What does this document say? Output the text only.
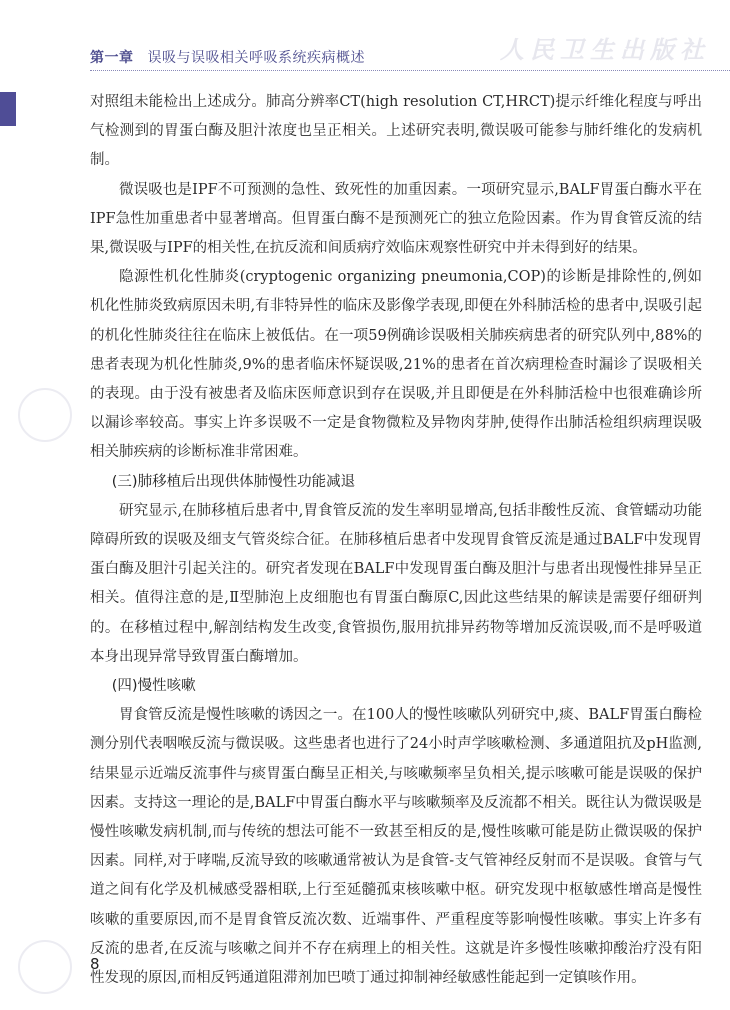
第一章 误吸与误吸相关呼吸系统疾病概述	人民卫生出版社

对照组未能检出上述成分。肺高分辨率CT(high resolution CT,HRCT)提示纤维化程度与呼出气检测到的胃蛋白酶及胆汁浓度也呈正相关。上述研究表明,微误吸可能参与肺纤维化的发病机制。

微误吸也是IPF不可预测的急性、致死性的加重因素。一项研究显示,BALF胃蛋白酶水平在IPF急性加重患者中显著增高。但胃蛋白酶不是预测死亡的独立危险因素。作为胃食管反流的结果,微误吸与IPF的相关性,在抗反流和间质病疗效临床观察性研究中并未得到好的结果。

隐源性机化性肺炎(cryptogenic organizing pneumonia,COP)的诊断是排除性的,例如机化性肺炎致病原因未明,有非特异性的临床及影像学表现,即便在外科肺活检的患者中,误吸引起的机化性肺炎往往在临床上被低估。在一项59例确诊误吸相关肺疾病患者的研究队列中,88%的患者表现为机化性肺炎,9%的患者临床怀疑误吸,21%的患者在首次病理检查时漏诊了误吸相关的表现。由于没有被患者及临床医师意识到存在误吸,并且即便是在外科肺活检中也很难确诊所以漏诊率较高。事实上许多误吸不一定是食物微粒及异物肉芽肿,使得作出肺活检组织病理误吸相关肺疾病的诊断标准非常困难。

(三)肺移植后出现供体肺慢性功能减退

研究显示,在肺移植后患者中,胃食管反流的发生率明显增高,包括非酸性反流、食管蠕动功能障碍所致的误吸及细支气管炎综合征。在肺移植后患者中发现胃食管反流是通过BALF中发现胃蛋白酶及胆汁引起关注的。研究者发现在BALF中发现胃蛋白酶及胆汁与患者出现慢性排异呈正相关。值得注意的是,Ⅱ型肺泡上皮细胞也有胃蛋白酶原C,因此这些结果的解读是需要仔细研判的。在移植过程中,解剖结构发生改变,食管损伤,服用抗排异药物等增加反流误吸,而不是呼吸道本身出现异常导致胃蛋白酶增加。

(四)慢性咳嗽

胃食管反流是慢性咳嗽的诱因之一。在100人的慢性咳嗽队列研究中,痰、BALF胃蛋白酶检测分别代表咽喉反流与微误吸。这些患者也进行了24小时声学咳嗽检测、多通道阻抗及pH监测,结果显示近端反流事件与痰胃蛋白酶呈正相关,与咳嗽频率呈负相关,提示咳嗽可能是误吸的保护因素。支持这一理论的是,BALF中胃蛋白酶水平与咳嗽频率及反流都不相关。既往认为微误吸是慢性咳嗽发病机制,而与传统的想法可能不一致甚至相反的是,慢性咳嗽可能是防止微误吸的保护因素。同样,对于哮喘,反流导致的咳嗽通常被认为是食管-支气管神经反射而不是误吸。食管与气道之间有化学及机械感受器相联,上行至延髓孤束核咳嗽中枢。研究发现中枢敏感性增高是慢性咳嗽的重要原因,而不是胃食管反流次数、近端事件、严重程度等影响慢性咳嗽。事实上许多有反流的患者,在反流与咳嗽之间并不存在病理上的相关性。这就是许多慢性咳嗽抑酸治疗没有阳性发现的原因,而相反钙通道阻滞剂加巴喷丁通过抑制神经敏感性能起到一定镇咳作用。

8
